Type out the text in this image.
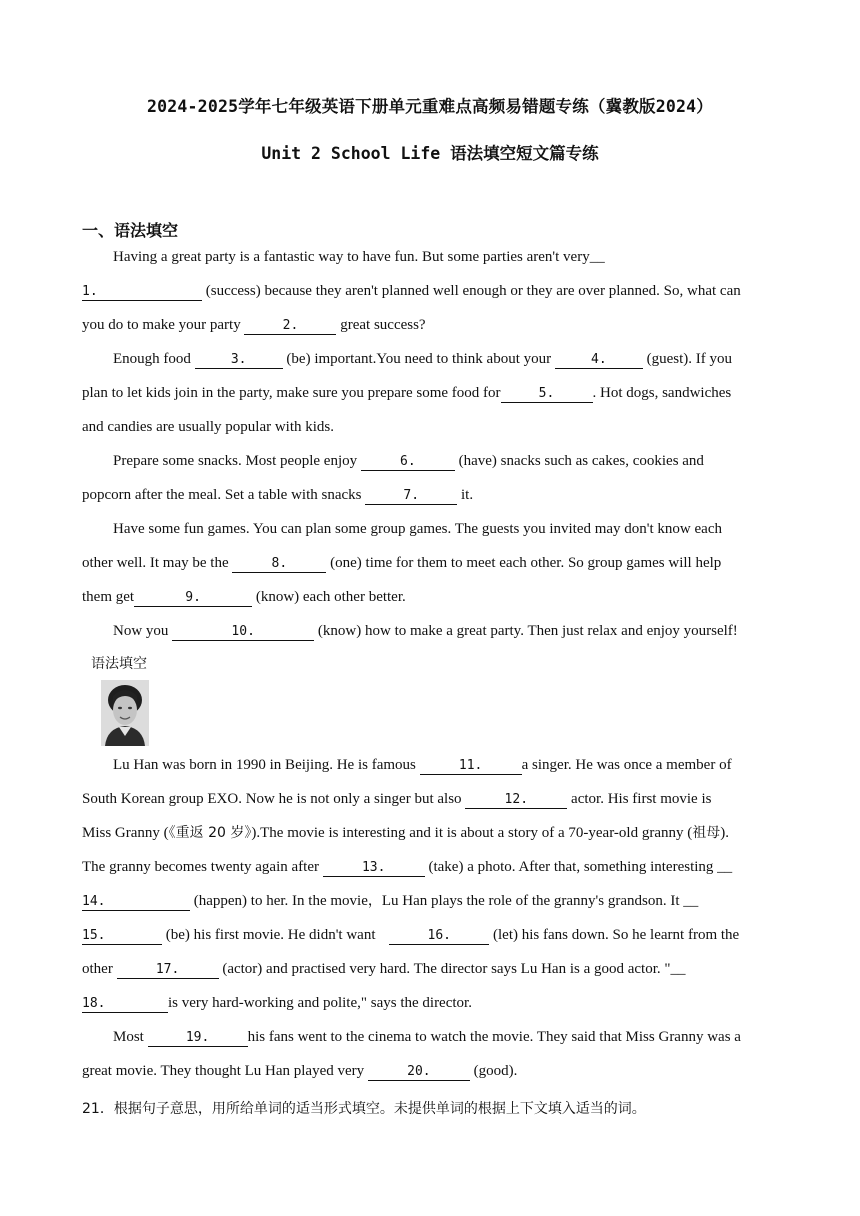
2024-2025学年七年级英语下册单元重难点高频易错题专练（冀教版2024）
Unit 2 School Life 语法填空短文篇专练
一、语法填空
Having a great party is a fantastic way to have fun. But some parties aren't very__
1.	(success) because they aren't planned well enough or they are over planned. So, what can
you do to make your party	2.	great success?
Enough food	3. (be) important.You need to think about your	4. (guest). If you
plan to let kids join in the party, make sure you prepare some food for	5.	. Hot dogs, sandwiches
and candies are usually popular with kids.
Prepare some snacks. Most people enjoy	6.	(have) snacks such as cakes, cookies and
popcorn after the meal. Set a table with snacks	7.	it.
Have some fun games. You can plan some group games. The guests you invited may don't know each
other well. It may be the	8.	(one) time for them to meet each other. So group games will help
them get	9.	(know) each other better.
Now you	10.	(know) how to make a great party. Then just relax and enjoy yourself!
语法填空
Lu Han was born in 1990 in Beijing. He is famous	11.	a singer. He was once a member of
South Korean group EXO. Now he is not only a singer but also	12.	actor. His first movie is
Miss Granny (《重返 20 岁》).The movie is interesting and it is about a story of a 70-year-old granny (祖母).
The granny becomes twenty again after	13.	(take) a photo. After that, something interesting __
14.	(happen) to her. In the movie，Lu Han plays the role of the granny's grandson. It __
15.	(be) his first movie. He didn't want	16.	(let) his fans down. So he learnt from the
other	17.	(actor) and practised very hard. The director says Lu Han is a good actor. "__
18.	is very hard-working and polite," says the director.
Most	19.	his fans went to the cinema to watch the movie. They said that Miss Granny was a
great movie. They thought Lu Han played very	20.	(good).
21．根据句子意思，用所给单词的适当形式填空。未提供单词的根据上下文填入适当的词。
